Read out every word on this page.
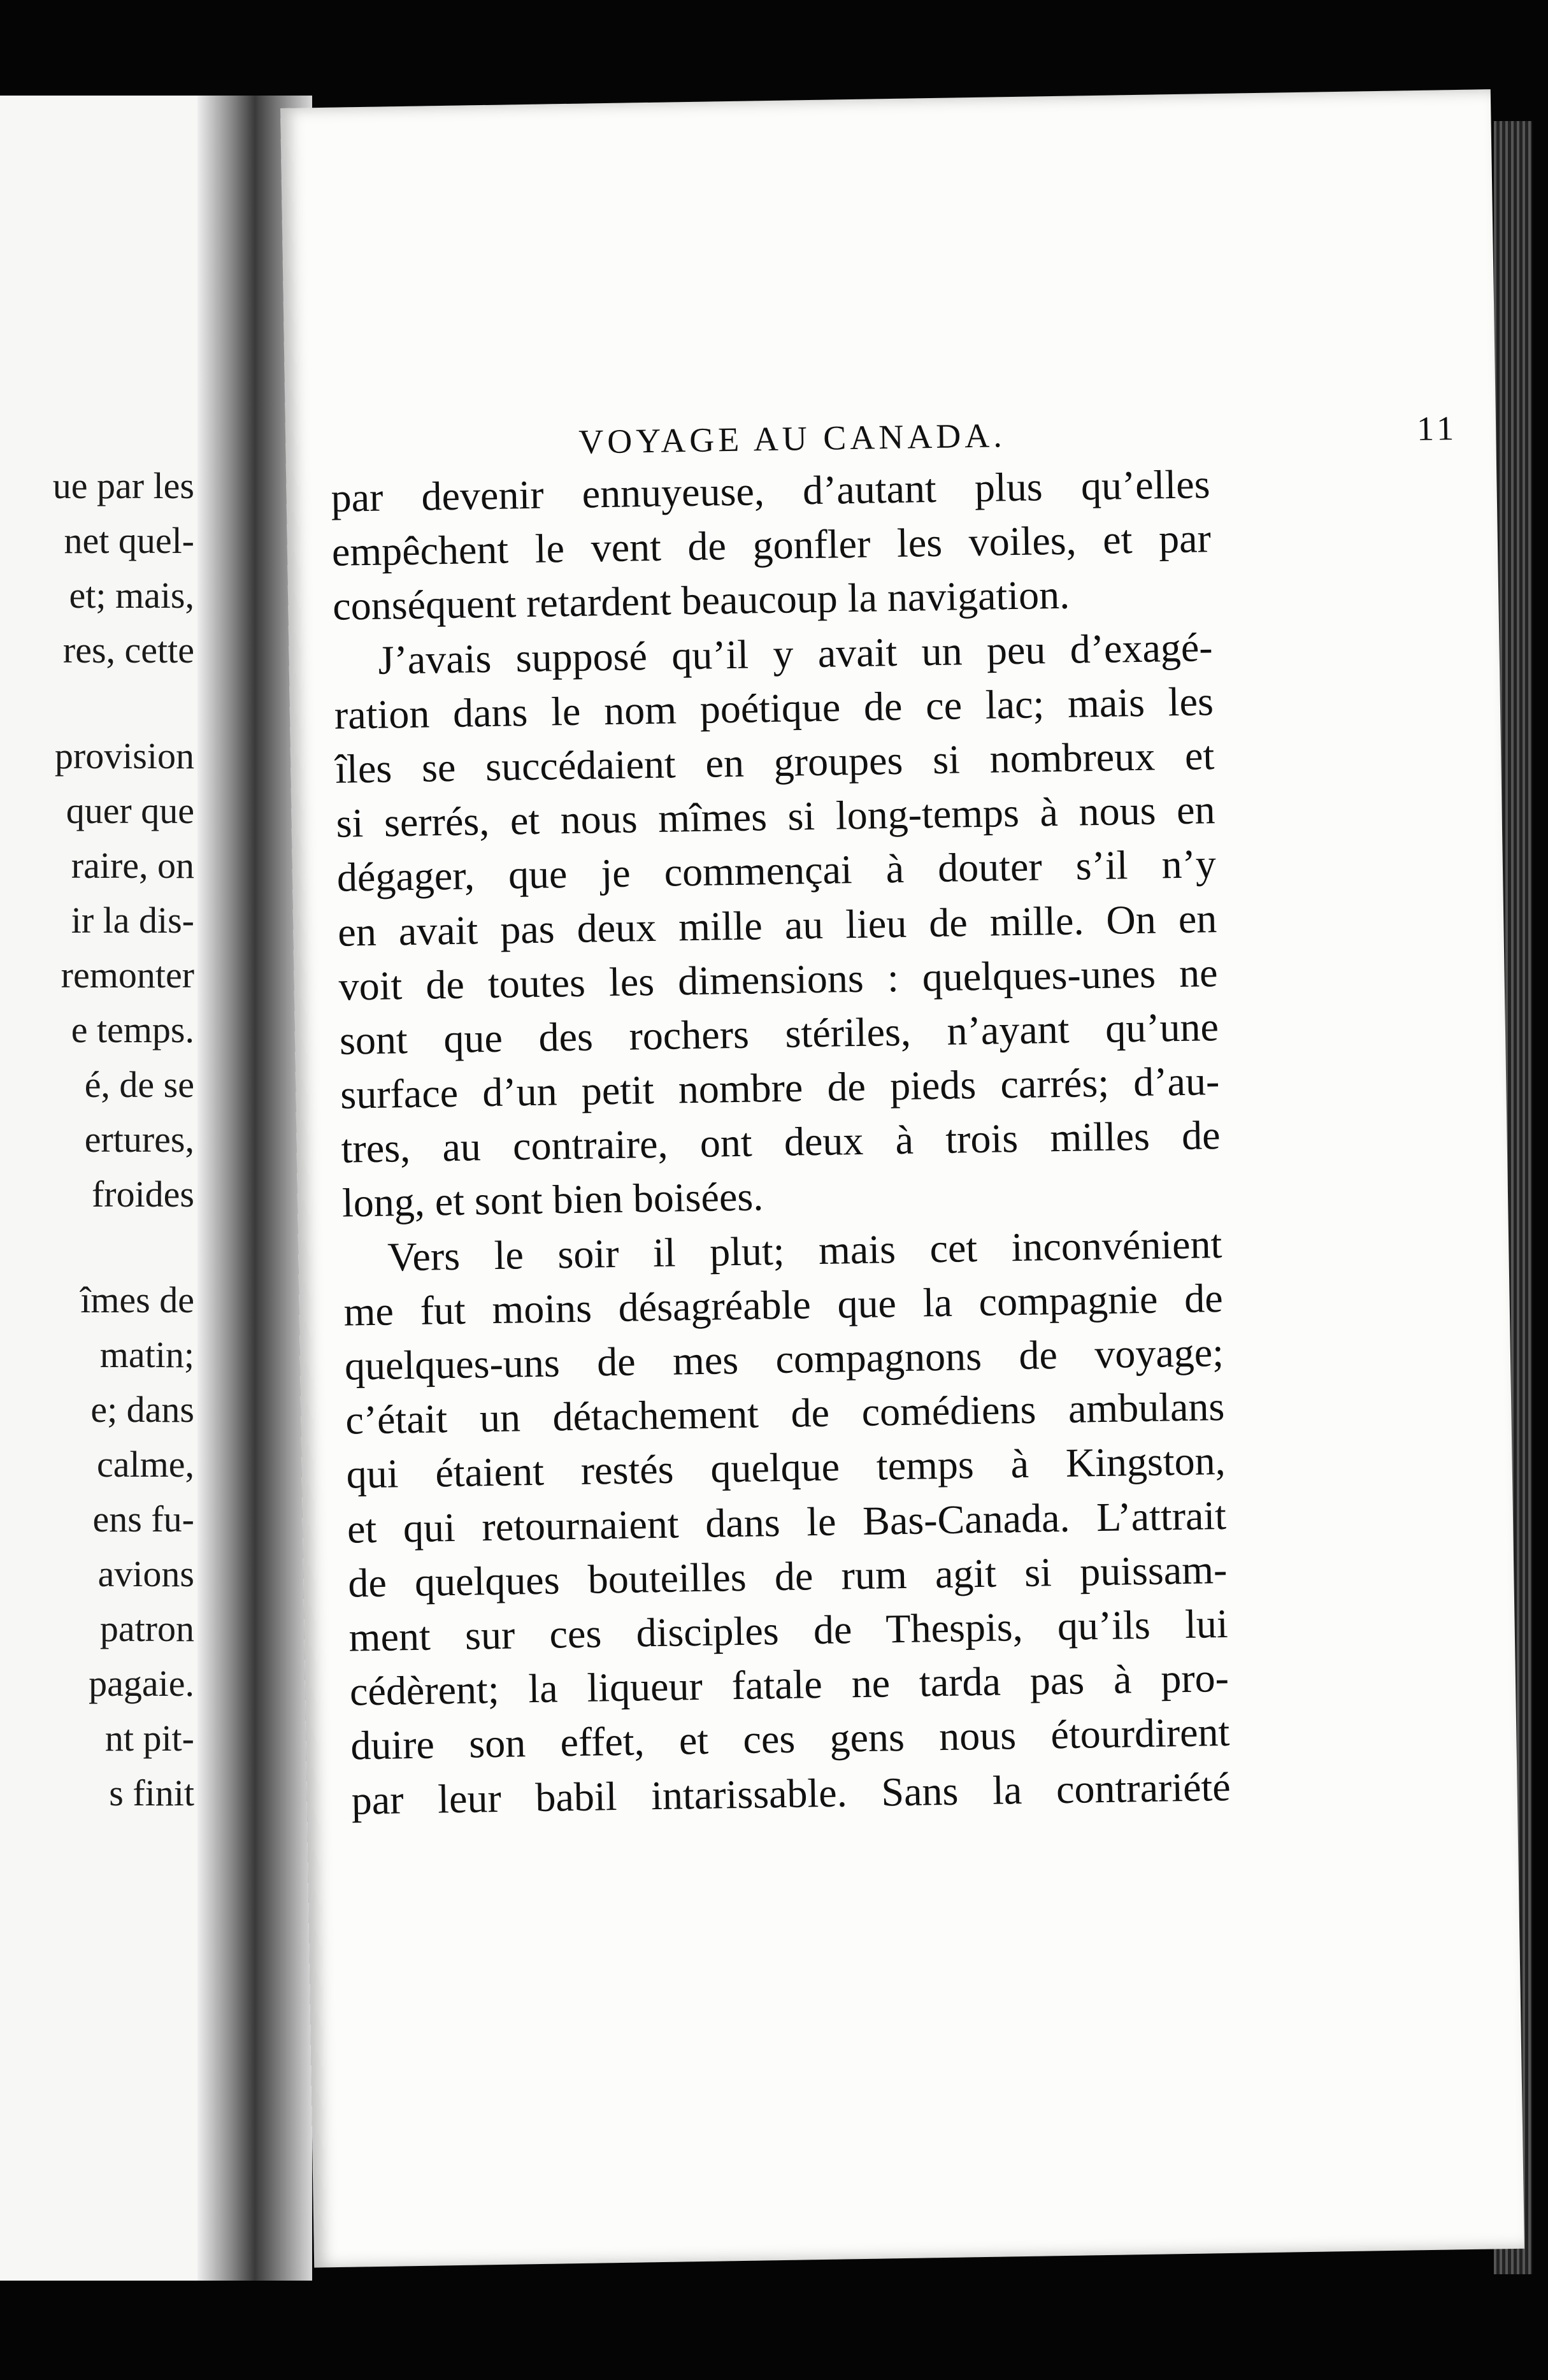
ue par les
net quel-
et; mais,
res, cette
provision
quer que
raire, on
ir la dis-
remonter
e temps.
é, de se
ertures,
froides
îmes de
matin;
e; dans
calme,
ens fu-
avions
patron
pagaie.
nt pit-
s finit
VOYAGE AU CANADA.	11
par devenir ennuyeuse, d’autant plus qu’elles
empêchent le vent de gonfler les voiles, et par
conséquent retardent beaucoup la navigation.
J’avais supposé qu’il y avait un peu d’exagé-
ration dans le nom poétique de ce lac; mais les
îles se succédaient en groupes si nombreux et
si serrés, et nous mîmes si long-temps à nous en
dégager, que je commençai à douter s’il n’y
en avait pas deux mille au lieu de mille. On en
voit de toutes les dimensions : quelques-unes ne
sont que des rochers stériles, n’ayant qu’une
surface d’un petit nombre de pieds carrés; d’au-
tres, au contraire, ont deux à trois milles de
long, et sont bien boisées.
Vers le soir il plut; mais cet inconvénient
me fut moins désagréable que la compagnie de
quelques-uns de mes compagnons de voyage;
c’était un détachement de comédiens ambulans
qui étaient restés quelque temps à Kingston,
et qui retournaient dans le Bas-Canada. L’attrait
de quelques bouteilles de rum agit si puissam-
ment sur ces disciples de Thespis, qu’ils lui
cédèrent; la liqueur fatale ne tarda pas à pro-
duire son effet, et ces gens nous étourdirent
par leur babil intarissable. Sans la contrariété
